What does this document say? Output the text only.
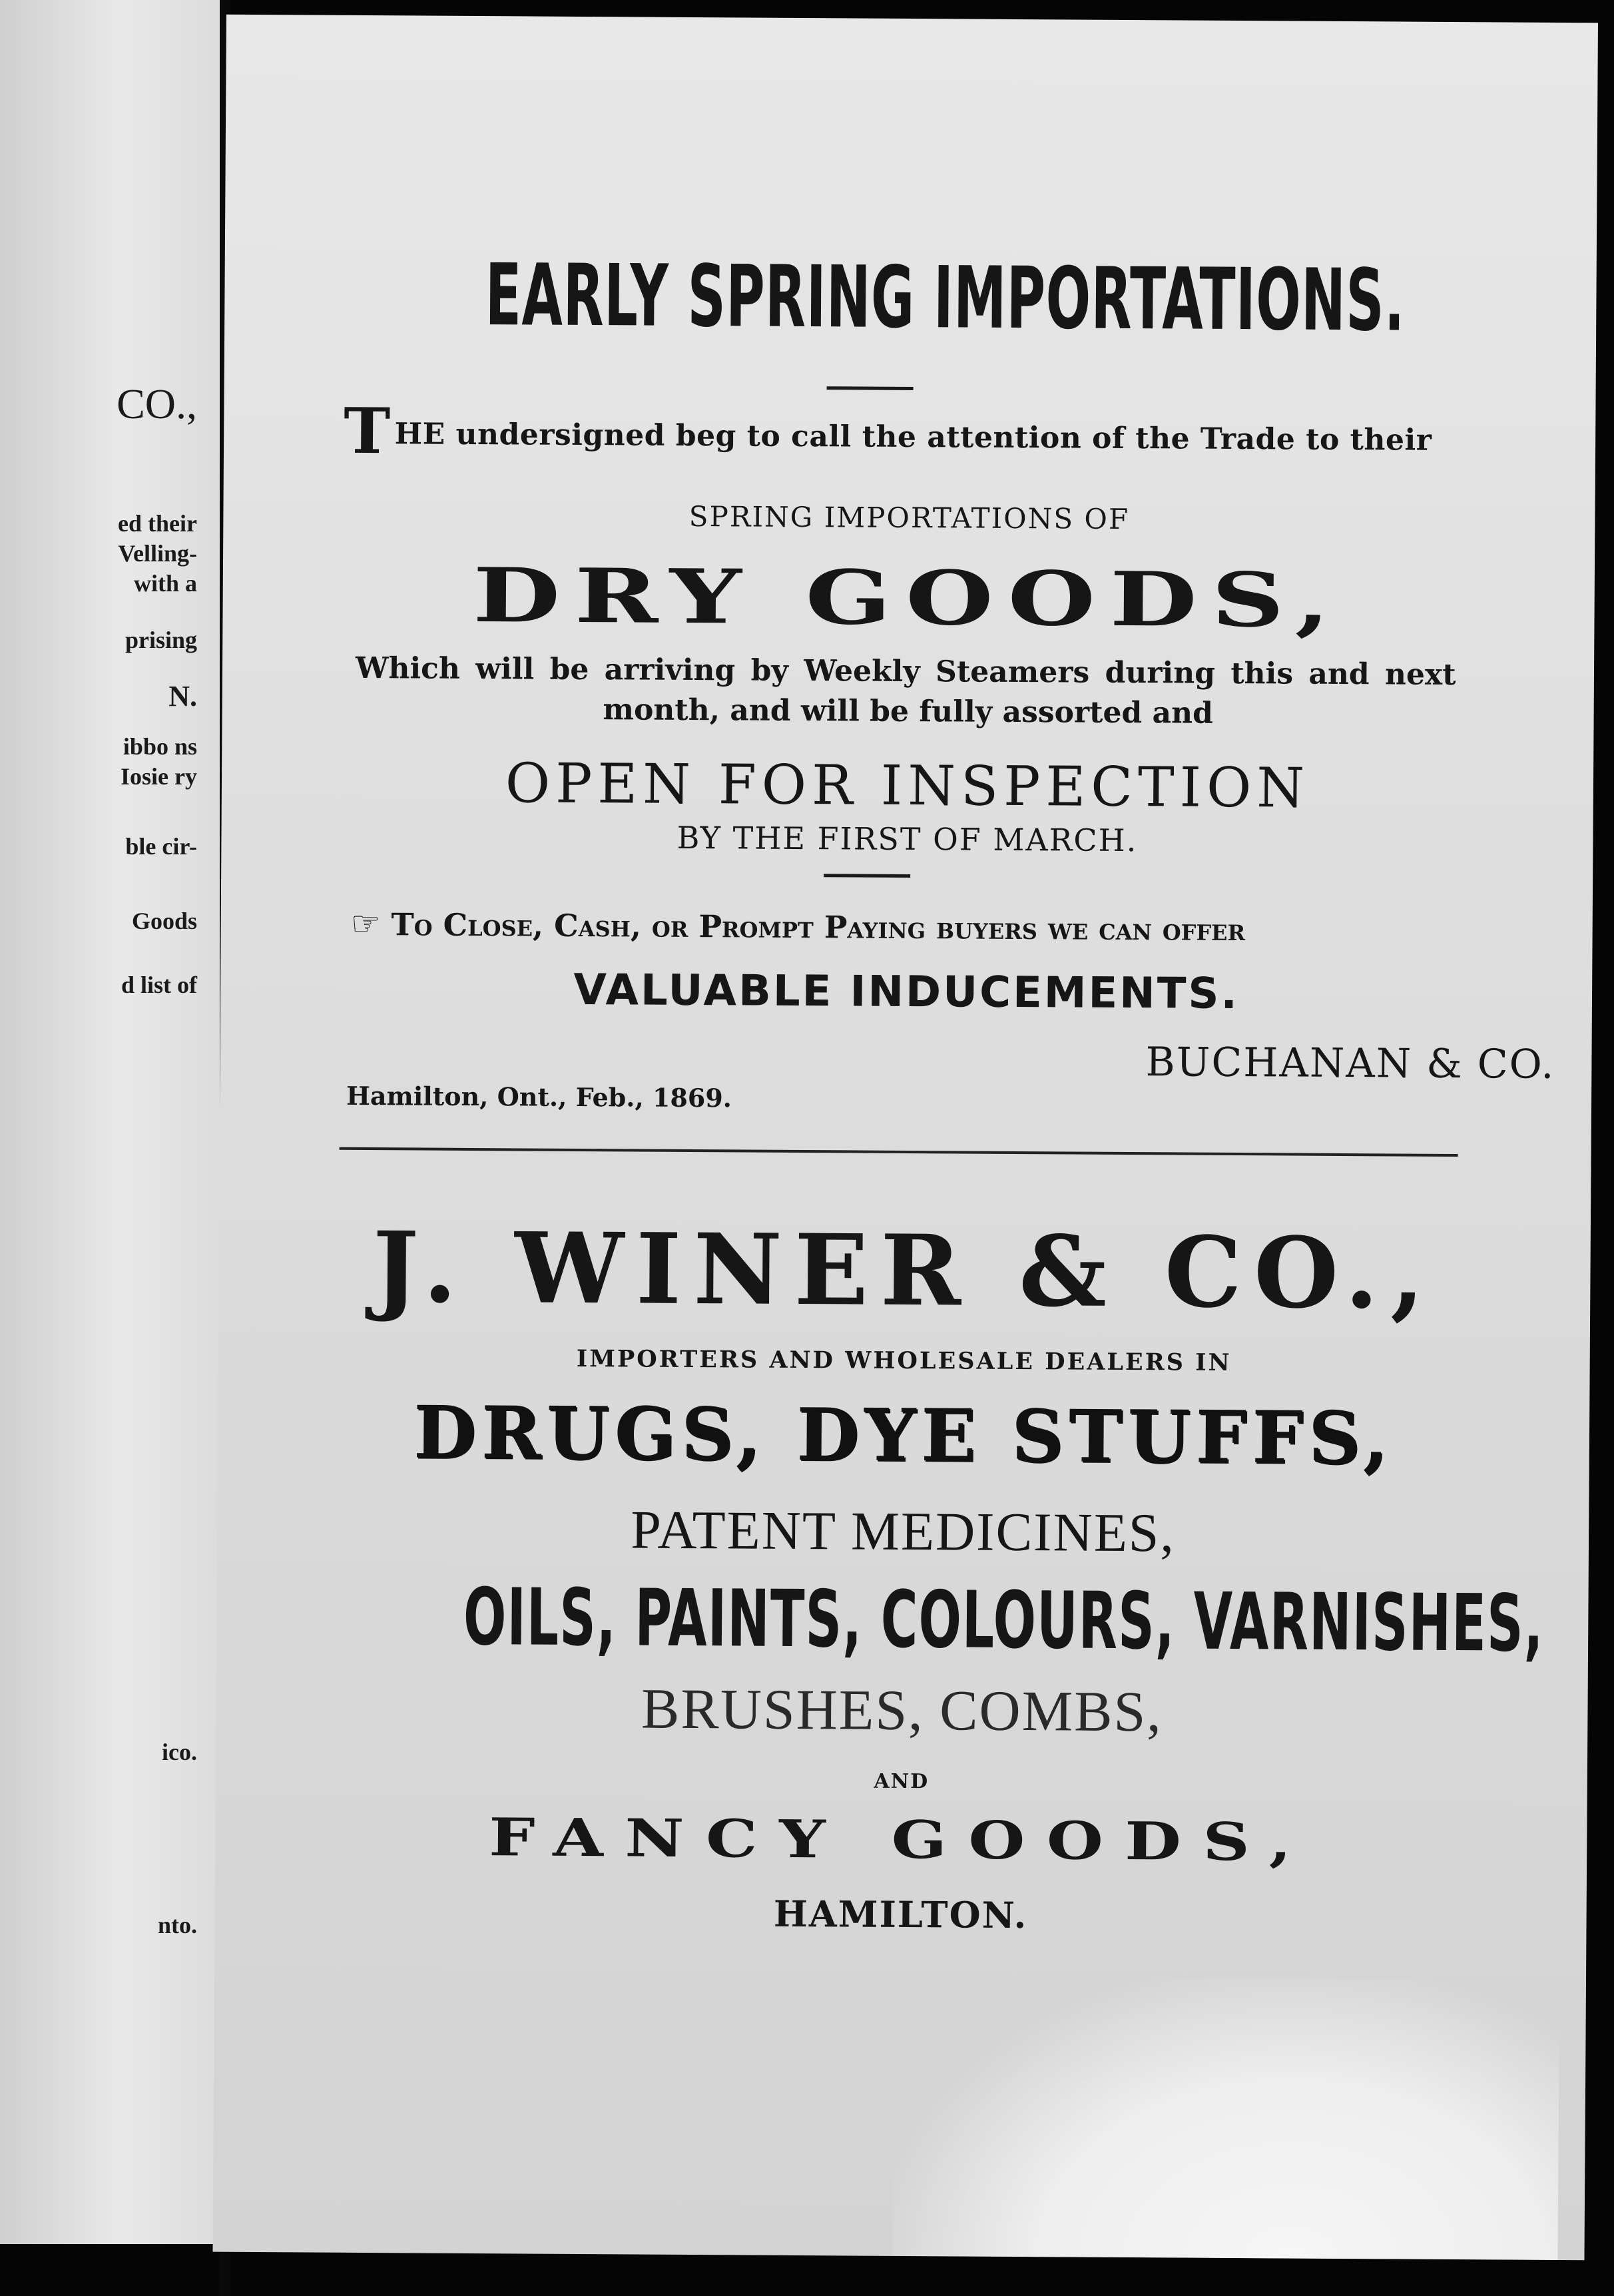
CO.,
ed their
Velling-
with a
prising
N.
ibbo ns
Iosie ry
ble cir-
Goods
d list of
ico.
nto.
EARLY SPRING IMPORTATIONS.
THE undersigned beg to call the attention of the Trade to their
SPRING IMPORTATIONS OF
DRY GOODS,
Which will be arriving by Weekly Steamers during this and next
month, and will be fully assorted and
OPEN FOR INSPECTION
BY THE FIRST OF MARCH.
☞ To Close, Cash, or Prompt Paying buyers we can offer
VALUABLE INDUCEMENTS.
BUCHANAN & CO.
Hamilton, Ont., Feb., 1869.
J. WINER & CO.,
IMPORTERS AND WHOLESALE DEALERS IN
DRUGS, DYE STUFFS,
PATENT MEDICINES,
OILS, PAINTS, COLOURS, VARNISHES,
BRUSHES, COMBS,
AND
FANCY GOODS,
HAMILTON.
